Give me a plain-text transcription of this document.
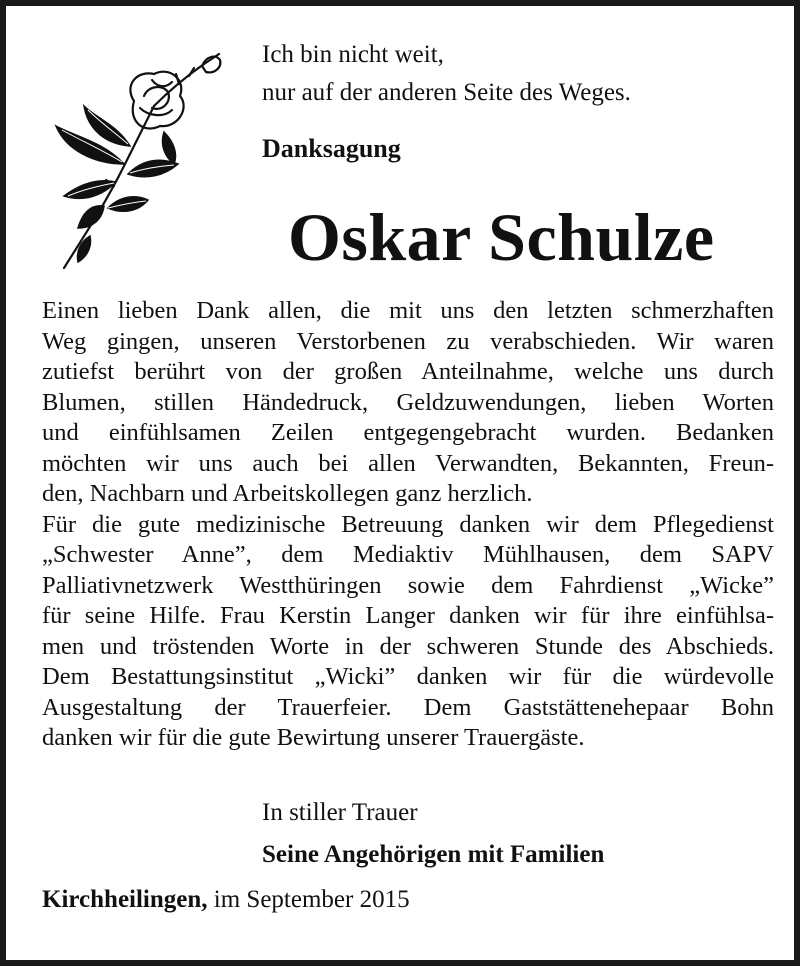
Ich bin nicht weit,
nur auf der anderen Seite des Weges.
Danksagung
Oskar Schulze
Einen lieben Dank allen, die mit uns den letzten schmerzhaften
Weg gingen, unseren Verstorbenen zu verabschieden. Wir waren
zutiefst berührt von der großen Anteilnahme, welche uns durch
Blumen, stillen Händedruck, Geldzuwendungen, lieben Worten
und einfühlsamen Zeilen entgegengebracht wurden. Bedanken
möchten wir uns auch bei allen Verwandten, Bekannten, Freun-
den, Nachbarn und Arbeitskollegen ganz herzlich.
Für die gute medizinische Betreuung danken wir dem Pflegedienst
„Schwester Anne”, dem Mediaktiv Mühlhausen, dem SAPV
Palliativnetzwerk Westthüringen sowie dem Fahrdienst „Wicke”
für seine Hilfe. Frau Kerstin Langer danken wir für ihre einfühlsa-
men und tröstenden Worte in der schweren Stunde des Abschieds.
Dem Bestattungsinstitut „Wicki” danken wir für die würdevolle
Ausgestaltung der Trauerfeier. Dem Gaststättenehepaar Bohn
danken wir für die gute Bewirtung unserer Trauergäste.
In stiller Trauer
Seine Angehörigen mit Familien
Kirchheilingen, im September 2015
